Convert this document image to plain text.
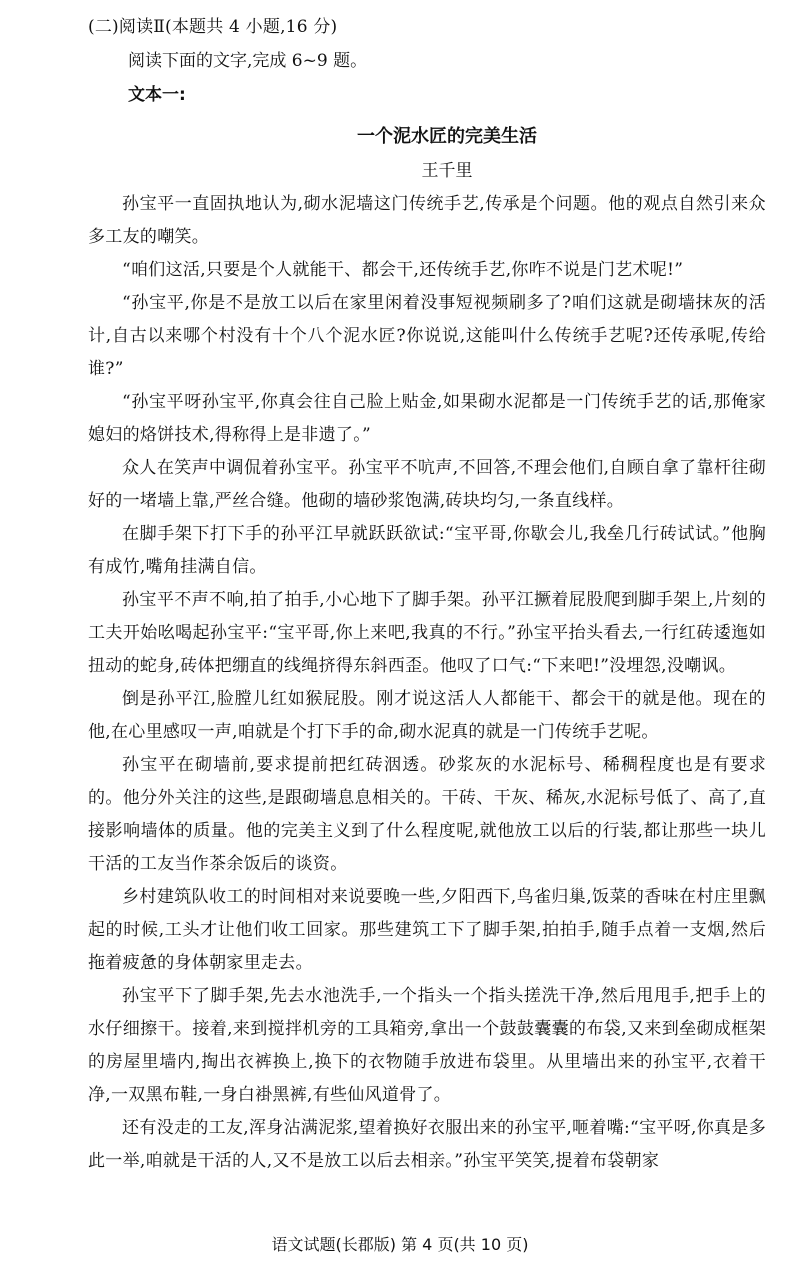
(二)阅读Ⅱ(本题共 4 小题,16 分)

阅读下面的文字,完成 6~9 题。

文本一:

一个泥水匠的完美生活

王千里

孙宝平一直固执地认为,砌水泥墙这门传统手艺,传承是个问题。他的观点自然引来众多工友的嘲笑。

“咱们这活,只要是个人就能干、都会干,还传统手艺,你咋不说是门艺术呢!”

“孙宝平,你是不是放工以后在家里闲着没事短视频刷多了?咱们这就是砌墙抹灰的活计,自古以来哪个村没有十个八个泥水匠?你说说,这能叫什么传统手艺呢?还传承呢,传给谁?”

“孙宝平呀孙宝平,你真会往自己脸上贴金,如果砌水泥都是一门传统手艺的话,那俺家媳妇的烙饼技术,得称得上是非遗了。”

众人在笑声中调侃着孙宝平。孙宝平不吭声,不回答,不理会他们,自顾自拿了靠杆往砌好的一堵墙上靠,严丝合缝。他砌的墙砂浆饱满,砖块均匀,一条直线样。

在脚手架下打下手的孙平江早就跃跃欲试:“宝平哥,你歇会儿,我垒几行砖试试。”他胸有成竹,嘴角挂满自信。

孙宝平不声不响,拍了拍手,小心地下了脚手架。孙平江撅着屁股爬到脚手架上,片刻的工夫开始吆喝起孙宝平:“宝平哥,你上来吧,我真的不行。”孙宝平抬头看去,一行红砖逶迤如扭动的蛇身,砖体把绷直的线绳挤得东斜西歪。他叹了口气:“下来吧!”没埋怨,没嘲讽。

倒是孙平江,脸膛儿红如猴屁股。刚才说这活人人都能干、都会干的就是他。现在的他,在心里感叹一声,咱就是个打下手的命,砌水泥真的就是一门传统手艺呢。

孙宝平在砌墙前,要求提前把红砖洇透。砂浆灰的水泥标号、稀稠程度也是有要求的。他分外关注的这些,是跟砌墙息息相关的。干砖、干灰、稀灰,水泥标号低了、高了,直接影响墙体的质量。他的完美主义到了什么程度呢,就他放工以后的行装,都让那些一块儿干活的工友当作茶余饭后的谈资。

乡村建筑队收工的时间相对来说要晚一些,夕阳西下,鸟雀归巢,饭菜的香味在村庄里飘起的时候,工头才让他们收工回家。那些建筑工下了脚手架,拍拍手,随手点着一支烟,然后拖着疲惫的身体朝家里走去。

孙宝平下了脚手架,先去水池洗手,一个指头一个指头搓洗干净,然后甩甩手,把手上的水仔细擦干。接着,来到搅拌机旁的工具箱旁,拿出一个鼓鼓囊囊的布袋,又来到垒砌成框架的房屋里墙内,掏出衣裤换上,换下的衣物随手放进布袋里。从里墙出来的孙宝平,衣着干净,一双黑布鞋,一身白褂黑裤,有些仙风道骨了。

还有没走的工友,浑身沾满泥浆,望着换好衣服出来的孙宝平,咂着嘴:“宝平呀,你真是多此一举,咱就是干活的人,又不是放工以后去相亲。”孙宝平笑笑,提着布袋朝家

语文试题(长郡版) 第 4 页(共 10 页)
